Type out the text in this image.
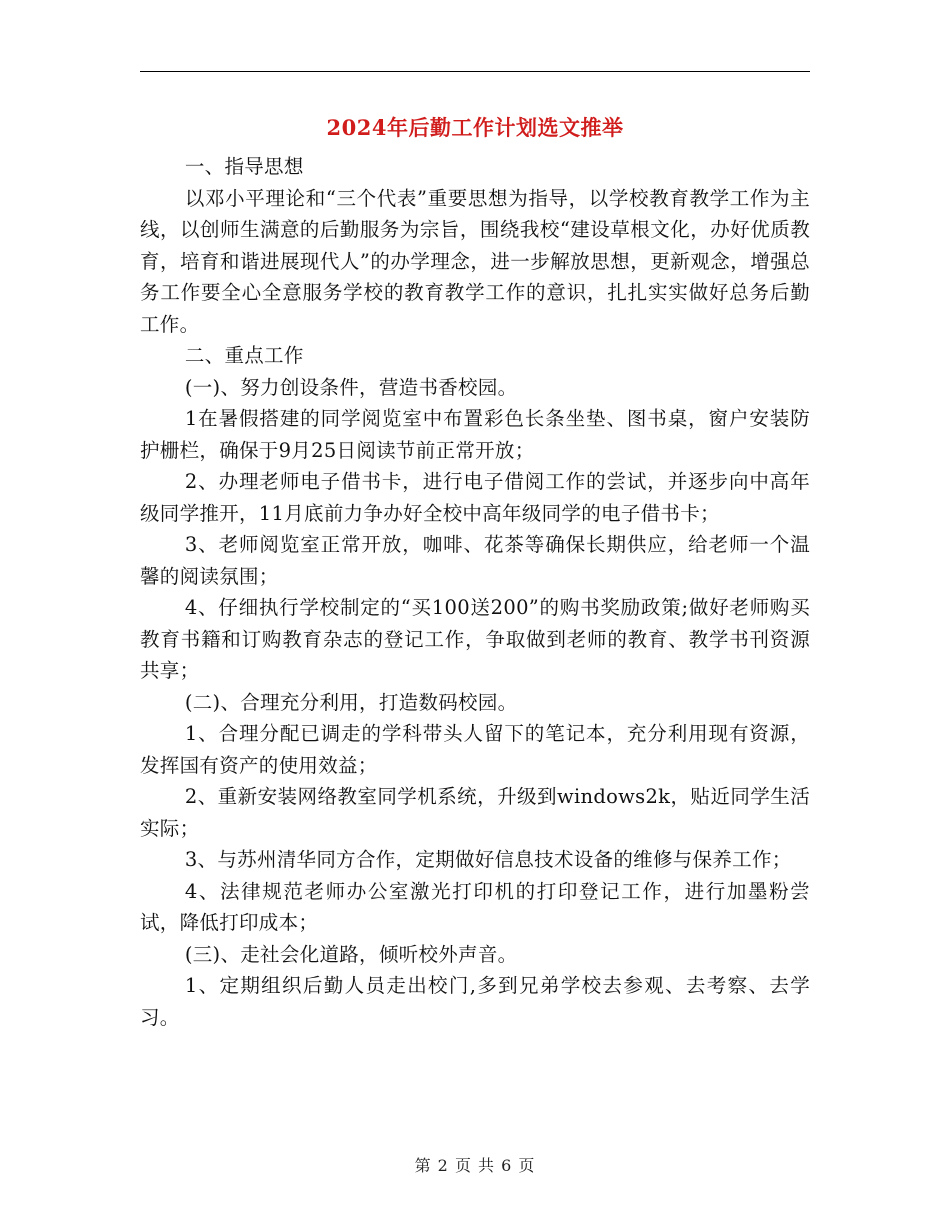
2024年后勤工作计划选文推举

一、指导思想

以邓小平理论和“三个代表”重要思想为指导，以学校教育教学工作为主线，以创师生满意的后勤服务为宗旨，围绕我校“建设草根文化，办好优质教育，培育和谐进展现代人”的办学理念，进一步解放思想，更新观念，增强总务工作要全心全意服务学校的教育教学工作的意识，扎扎实实做好总务后勤工作。

二、重点工作

(一)、努力创设条件，营造书香校园。

1在暑假搭建的同学阅览室中布置彩色长条坐垫、图书桌，窗户安装防护栅栏，确保于9月25日阅读节前正常开放；

2、办理老师电子借书卡，进行电子借阅工作的尝试，并逐步向中高年级同学推开，11月底前力争办好全校中高年级同学的电子借书卡；

3、老师阅览室正常开放，咖啡、花茶等确保长期供应，给老师一个温馨的阅读氛围；

4、仔细执行学校制定的“买100送200”的购书奖励政策;做好老师购买教育书籍和订购教育杂志的登记工作，争取做到老师的教育、教学书刊资源共享；

(二)、合理充分利用，打造数码校园。

1、合理分配已调走的学科带头人留下的笔记本，充分利用现有资源，发挥国有资产的使用效益；

2、重新安装网络教室同学机系统，升级到windows2k，贴近同学生活实际；

3、与苏州清华同方合作，定期做好信息技术设备的维修与保养工作；

4、法律规范老师办公室激光打印机的打印登记工作，进行加墨粉尝试，降低打印成本；

(三)、走社会化道路，倾听校外声音。

1、定期组织后勤人员走出校门,多到兄弟学校去参观、去考察、去学习。

第 2 页 共 6 页
